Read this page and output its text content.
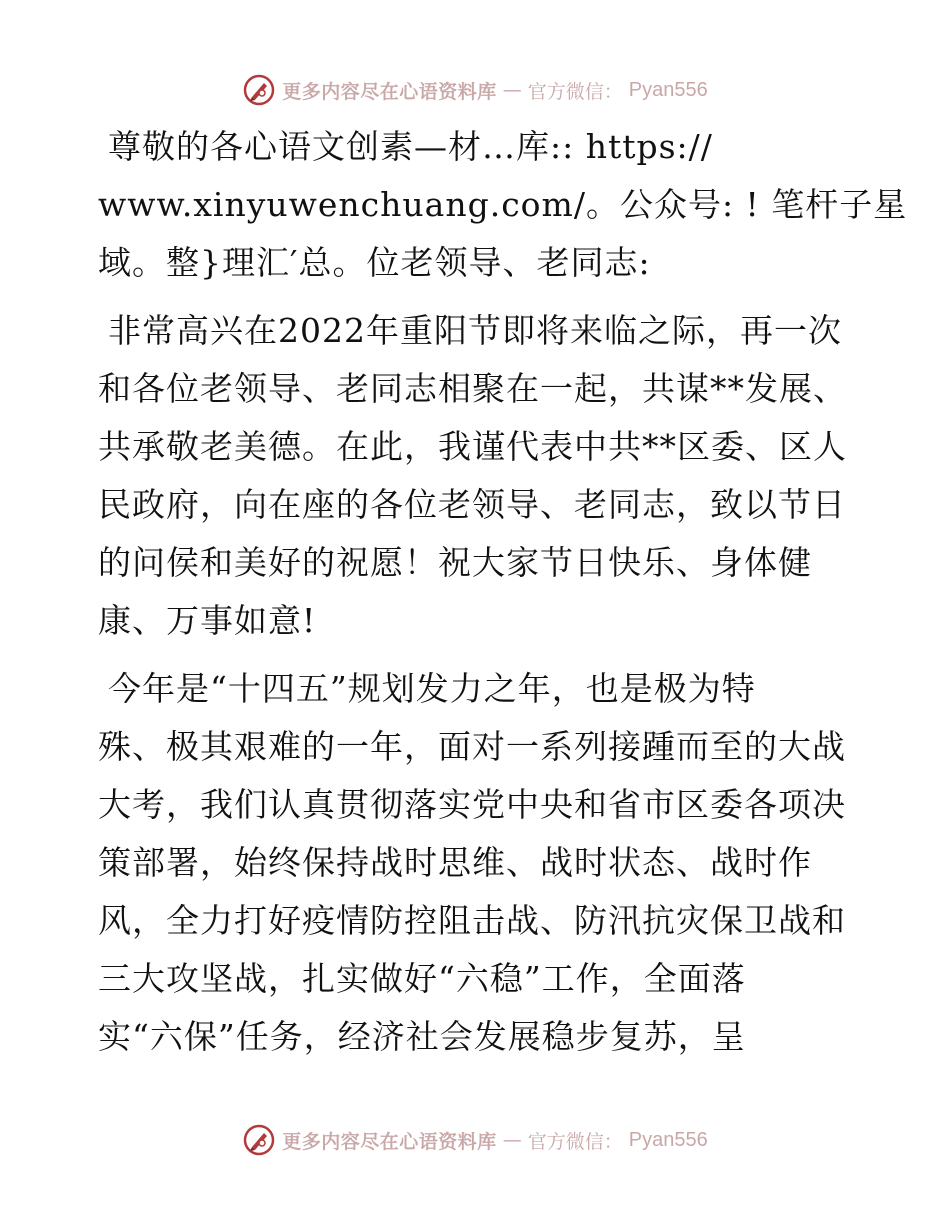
更多内容尽在心语资料库 — 官方微信： Pyan556
尊敬的各心语文创素—材…库:: https://
www.xinyuwenchuang.com/。公众号: ! 笔杆子星
域。整}理汇′总。位老领导、老同志:
非常高兴在2022年重阳节即将来临之际，再一次
和各位老领导、老同志相聚在一起，共谋**发展、
共承敬老美德。在此，我谨代表中共**区委、区人
民政府，向在座的各位老领导、老同志，致以节日
的问侯和美好的祝愿！祝大家节日快乐、身体健
康、万事如意!
今年是“十四五”规划发力之年，也是极为特
殊、极其艰难的一年，面对一系列接踵而至的大战
大考，我们认真贯彻落实党中央和省市区委各项决
策部署，始终保持战时思维、战时状态、战时作
风，全力打好疫情防控阻击战、防汛抗灾保卫战和
三大攻坚战，扎实做好“六稳”工作，全面落
实“六保”任务，经济社会发展稳步复苏，呈
更多内容尽在心语资料库 — 官方微信： Pyan556
